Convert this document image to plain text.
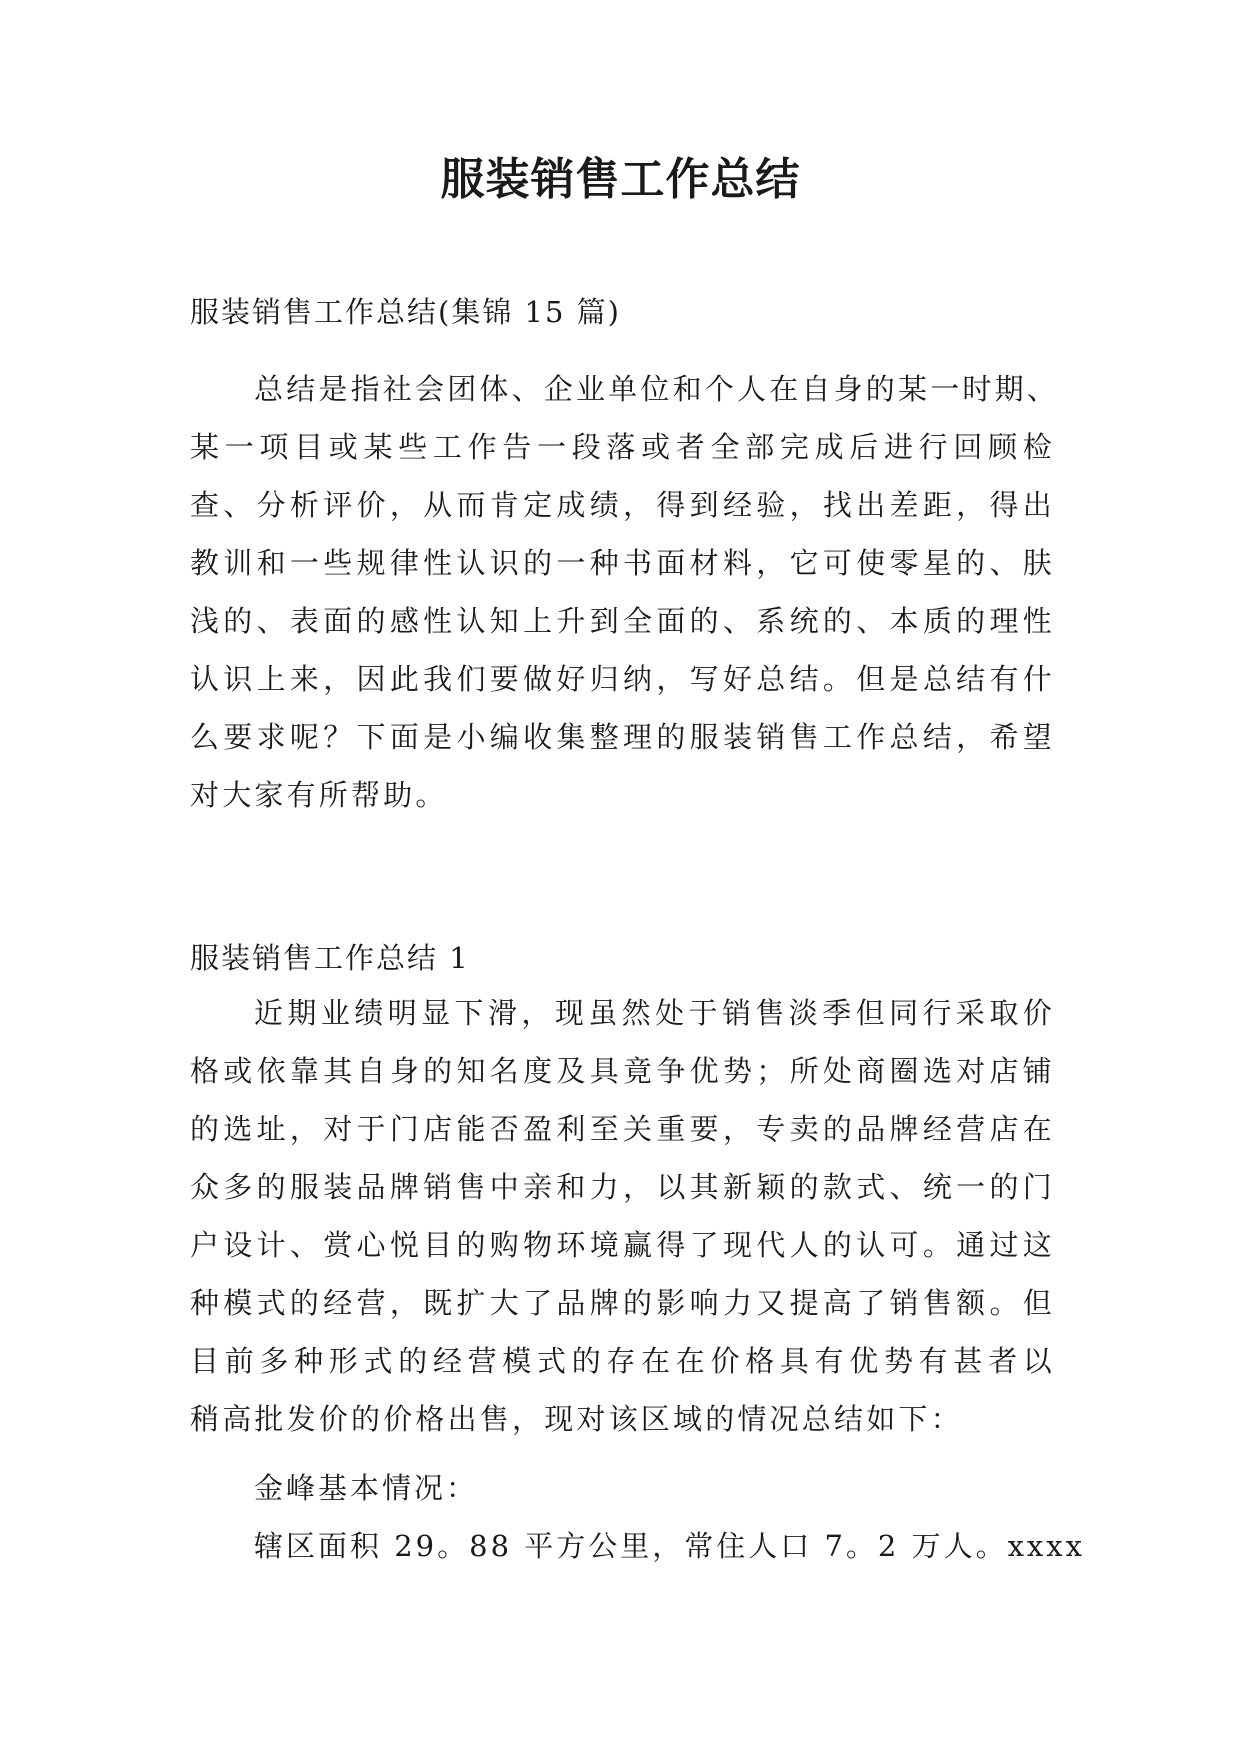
服装销售工作总结
服装销售工作总结(集锦 15 篇)
总结是指社会团体、企业单位和个人在自身的某一时期、
某一项目或某些工作告一段落或者全部完成后进行回顾检
查、分析评价，从而肯定成绩，得到经验，找出差距，得出
教训和一些规律性认识的一种书面材料，它可使零星的、肤
浅的、表面的感性认知上升到全面的、系统的、本质的理性
认识上来，因此我们要做好归纳，写好总结。但是总结有什
么要求呢？下面是小编收集整理的服装销售工作总结，希望
对大家有所帮助。
服装销售工作总结 1
近期业绩明显下滑，现虽然处于销售淡季但同行采取价
格或依靠其自身的知名度及具竟争优势；所处商圈选对店铺
的选址，对于门店能否盈利至关重要，专卖的品牌经营店在
众多的服装品牌销售中亲和力，以其新颖的款式、统一的门
户设计、赏心悦目的购物环境赢得了现代人的认可。通过这
种模式的经营，既扩大了品牌的影响力又提高了销售额。但
目前多种形式的经营模式的存在在价格具有优势有甚者以
稍高批发价的价格出售，现对该区域的情况总结如下：
金峰基本情况：
辖区面积 29。88 平方公里，常住人口 7。2 万人。xxxx
